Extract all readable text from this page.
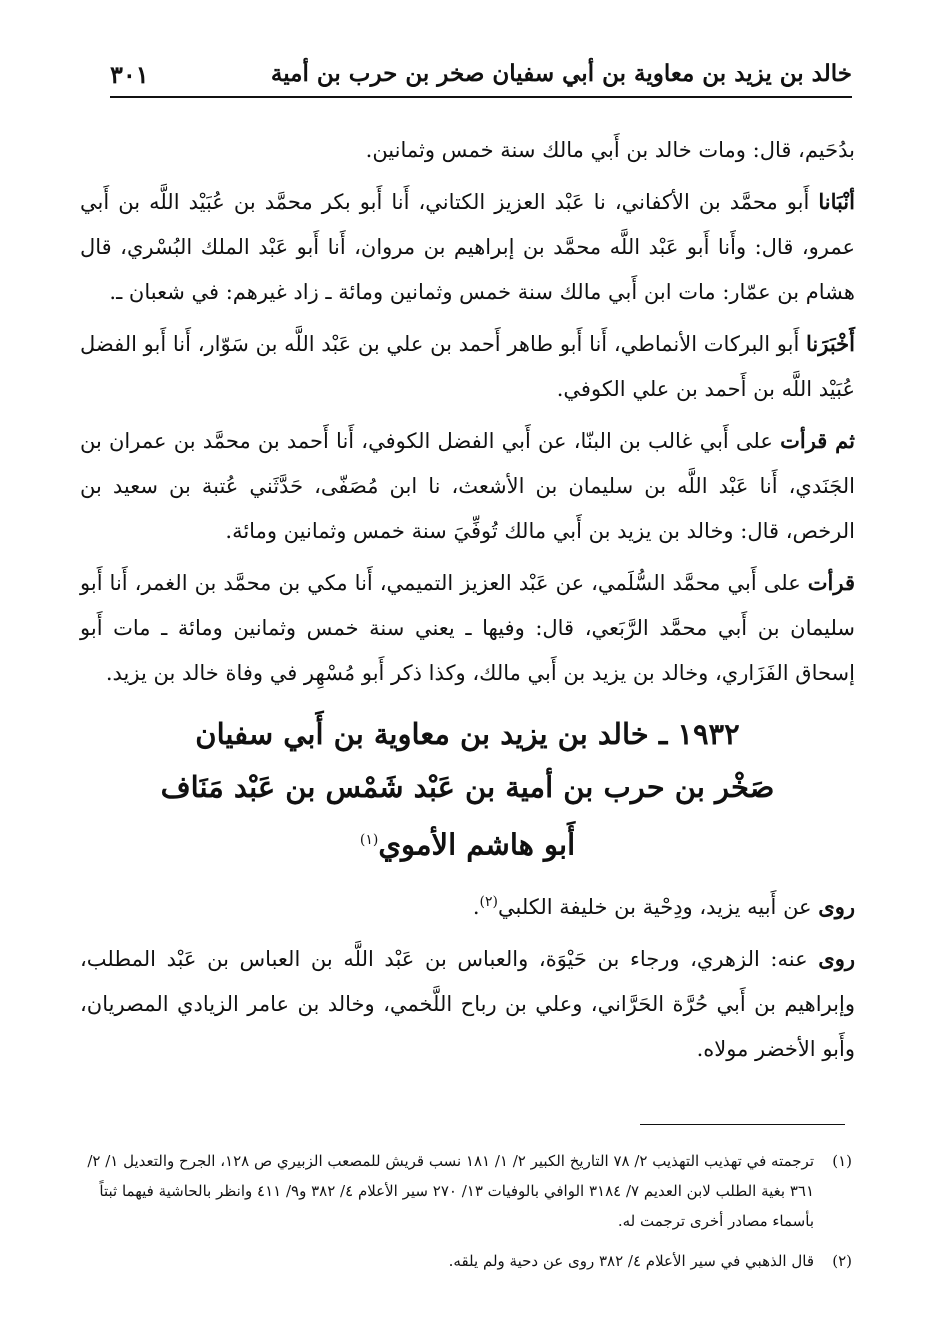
خالد بن يزيد بن معاوية بن أبي سفيان صخر بن حرب بن أمية
٣٠١

بدُحَيم، قال: ومات خالد بن أَبي مالك سنة خمس وثمانين.

أنْبَانا أَبو محمَّد بن الأكفاني، نا عَبْد العزيز الكتاني، أَنا أَبو بكر محمَّد بن عُبَيْد اللَّه بن أَبي عمرو، قال: وأَنا أَبو عَبْد اللَّه محمَّد بن إبراهيم بن مروان، أَنا أَبو عَبْد الملك البُسْري، قال هشام بن عمّار: مات ابن أَبي مالك سنة خمس وثمانين ومائة ـ زاد غيرهم: في شعبان ـ.

أَخْبَرَنا أَبو البركات الأنماطي، أَنا أَبو طاهر أَحمد بن علي بن عَبْد اللَّه بن سَوّار، أَنا أَبو الفضل عُبَيْد اللَّه بن أَحمد بن علي الكوفي.

ثم قرأت على أَبي غالب بن البنّا، عن أَبي الفضل الكوفي، أَنا أَحمد بن محمَّد بن عمران بن الجَنَدي، أَنا عَبْد اللَّه بن سليمان بن الأشعث، نا ابن مُصَفّى، حَدَّثَني عُتبة بن سعيد بن الرخص، قال: وخالد بن يزيد بن أَبي مالك تُوفِّيَ سنة خمس وثمانين ومائة.

قرأت على أَبي محمَّد السُّلَمي، عن عَبْد العزيز التميمي، أَنا مكي بن محمَّد بن الغمر، أَنا أَبو سليمان بن أَبي محمَّد الرَّبَعي، قال: وفيها ـ يعني سنة خمس وثمانين ومائة ـ مات أَبو إسحاق الفَزَاري، وخالد بن يزيد بن أَبي مالك، وكذا ذكر أَبو مُسْهِر في وفاة خالد بن يزيد.

١٩٣٢ ـ خالد بن يزيد بن معاوية بن أَبي سفيان
صَخْر بن حرب بن أمية بن عَبْد شَمْس بن عَبْد مَنَاف
أَبو هاشم الأموي$^{(١)}$

روى عن أَبيه يزيد، ودِحْية بن خليفة الكلبي$^{(٢)}$.

روى عنه: الزهري، ورجاء بن حَيْوَة، والعباس بن عَبْد اللَّه بن العباس بن عَبْد المطلب، وإبراهيم بن أَبي حُرَّة الحَرَّاني، وعلي بن رباح اللَّخمي، وخالد بن عامر الزيادي المصريان، وأَبو الأخضر مولاه.

(١)
ترجمته في تهذيب التهذيب ٢/ ٧٨ التاريخ الكبير ٢/ ١/ ١٨١ نسب قريش للمصعب الزبيري ص ١٢٨، الجرح والتعديل ١/ ٢/ ٣٦١ بغية الطلب لابن العديم ٧/ ٣١٨٤ الوافي بالوفيات ١٣/ ٢٧٠ سير الأعلام ٤/ ٣٨٢ و٩/ ٤١١ وانظر بالحاشية فيهما ثبتاً بأسماء مصادر أخرى ترجمت له.
(٢)
قال الذهبي في سير الأعلام ٤/ ٣٨٢ روى عن دحية ولم يلقه.
